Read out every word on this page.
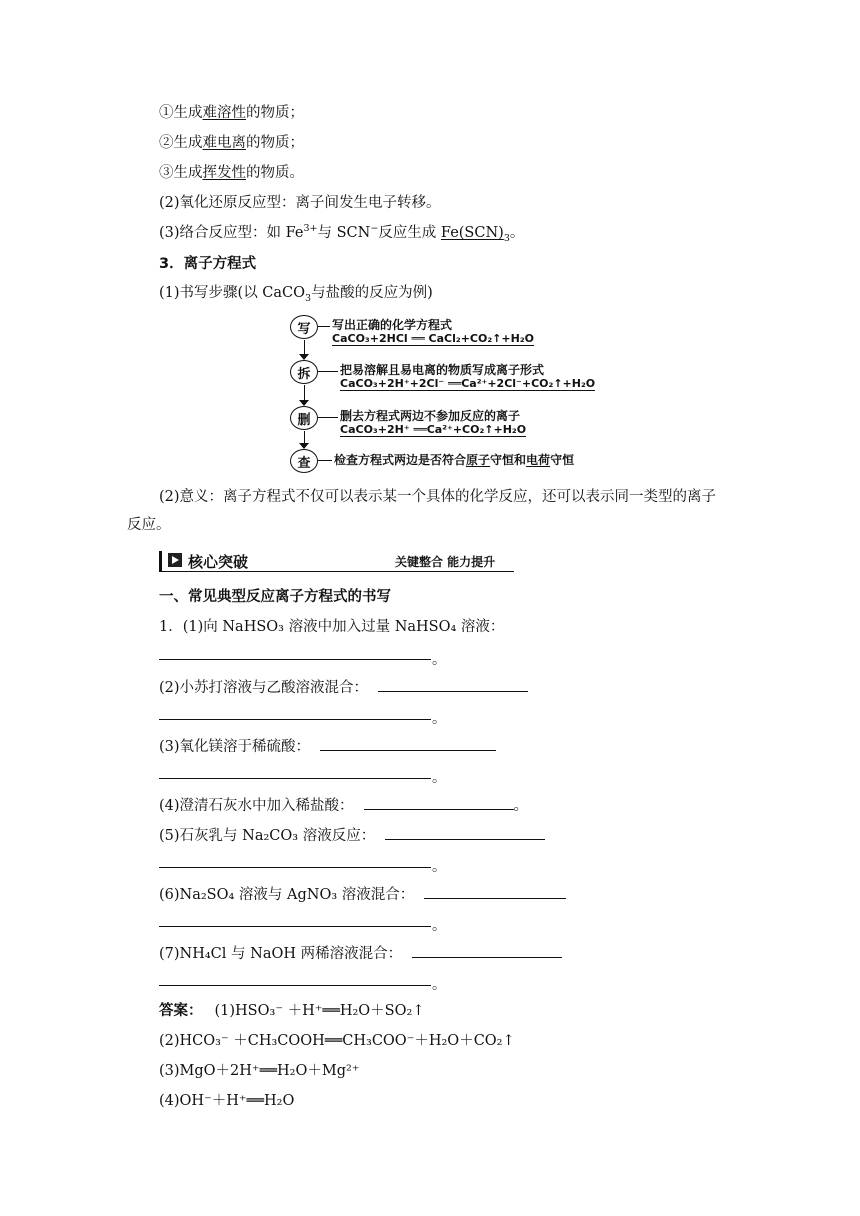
①生成难溶性的物质；
②生成难电离的物质；
③生成挥发性的物质。
(2)氧化还原反应型：离子间发生电子转移。
(3)络合反应型：如 $Fe^{3+}$与 SCN−反应生成 $Fe(SCN)_3$。
3．离子方程式
(1)书写步骤(以 CaCO$_3$与盐酸的反应为例)
写
拆
删
查
写出正确的化学方程式
CaCO₃+2HCl ══ CaCl₂+CO₂↑+H₂O
把易溶解且易电离的物质写成离子形式
CaCO₃+2H⁺+2Cl⁻ ══Ca²⁺+2Cl⁻+CO₂↑+H₂O
删去方程式两边不参加反应的离子
CaCO₃+2H⁺ ══Ca²⁺+CO₂↑+H₂O
检查方程式两边是否符合原子守恒和电荷守恒
(2)意义：离子方程式不仅可以表示某一个具体的化学反应，还可以表示同一类型的离子
反应。
核心突破	关键整合 能力提升
一、常见典型反应离子方程式的书写
1．(1)向 NaHSO₃ 溶液中加入过量 NaHSO₄ 溶液：
。
(2)小苏打溶液与乙酸溶液混合：
。
(3)氧化镁溶于稀硫酸：
。
(4)澄清石灰水中加入稀盐酸：	。
(5)石灰乳与 Na₂CO₃ 溶液反应：
。
(6)Na₂SO₄ 溶液与 AgNO₃ 溶液混合：
。
(7)NH₄Cl 与 NaOH 两稀溶液混合：
。
答案： (1)HSO₃⁻ ＋H⁺══H₂O＋SO₂↑
(2)HCO₃⁻ ＋CH₃COOH══CH₃COO⁻＋H₂O＋CO₂↑
(3)MgO＋2H⁺══H₂O＋Mg²⁺
(4)OH⁻＋H⁺══H₂O
